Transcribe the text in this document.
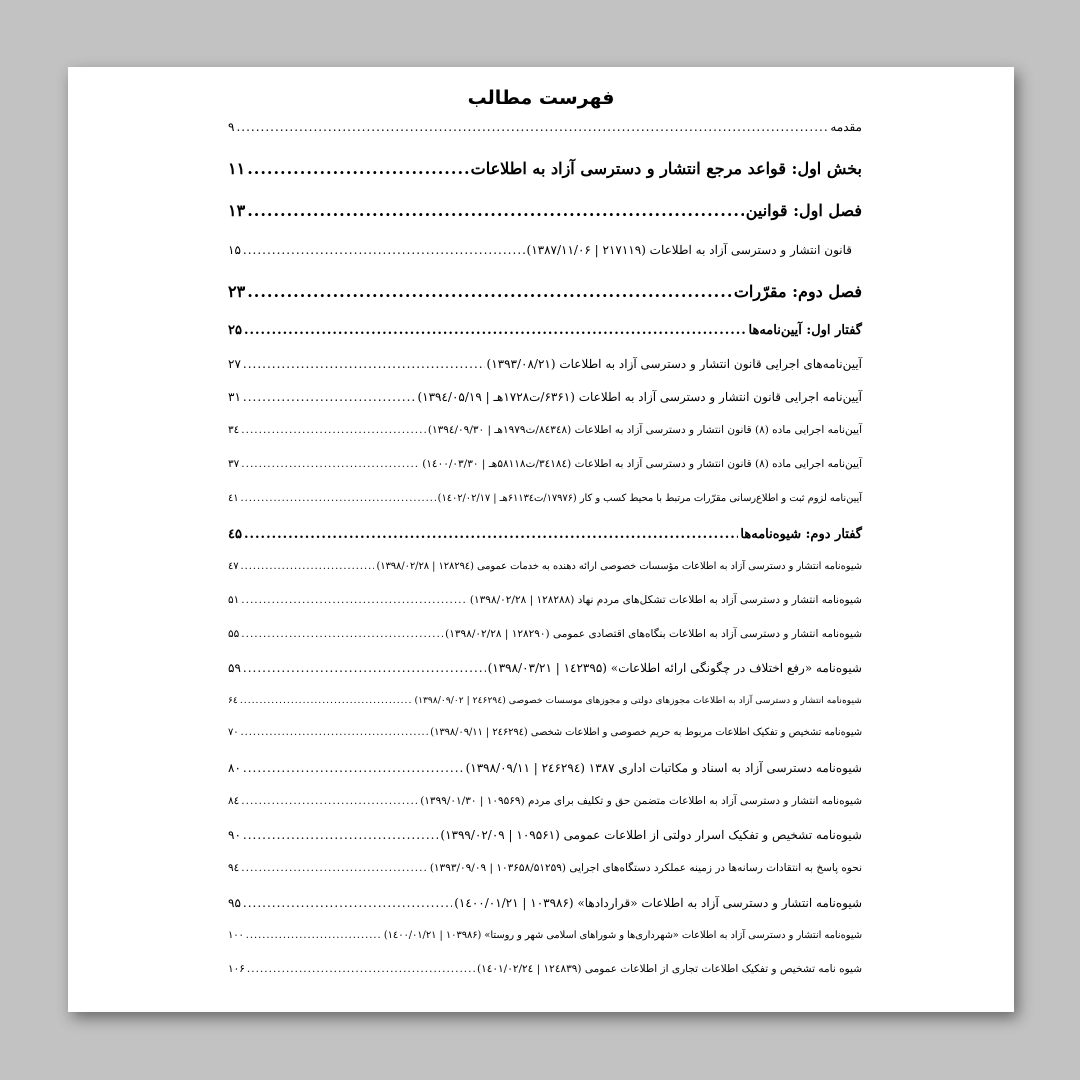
فهرست مطالب
مقدمه
.....
۹
بخش اول: قواعد مرجع انتشار و دسترسی آزاد به اطلاعات
.....
۱۱
فصل اول: قوانین
.....
۱۳
قانون انتشار و دسترسی آزاد به اطلاعات (۲۱۷۱۱۹ | ۱۳۸۷/۱۱/۰۶)
.....
۱۵
فصل دوم: مقرّرات
.....
۲۳
گفتار اول: آیین‌نامه‌ها
.....
۲۵
آیین‌نامه‌های اجرایی قانون انتشار و دسترسی آزاد به اطلاعات (۱۳۹۳/۰۸/۲۱)
.....
۲۷
آیین‌نامه اجرایی قانون انتشار و دسترسی آزاد به اطلاعات (۶۳۶۱/ت۱۷۲۸هـ | ۱۳۹٤/۰۵/۱۹)
.....
۳۱
آیین‌نامه اجرایی ماده (۸) قانون انتشار و دسترسی آزاد به اطلاعات (۸٤۳٤۸/ت۱۹۷۹هـ | ۱۳۹٤/۰۹/۳۰)
.....
۳٤
آیین‌نامه اجرایی ماده (۸) قانون انتشار و دسترسی آزاد به اطلاعات (۳٤۱۸٤/ت۵۸۱۱۸هـ | ۱٤۰۰/۰۳/۳۰)
.....
۳۷
آیین‌نامه لزوم ثبت و اطلاع‌رسانی مقرّرات مرتبط با محیط کسب و کار (۱۷۹۷۶/ت۶۱۱۳٤هـ | ۱٤۰۲/۰۲/۱۷)
.....
٤۱
گفتار دوم: شیوه‌نامه‌ها
.....
٤۵
شیوه‌نامه انتشار و دسترسی آزاد به اطلاعات مؤسسات خصوصی ارائه دهنده به خدمات عمومی (۱۲۸۲۹٤ | ۱۳۹۸/۰۲/۲۸)
.....
٤۷
شیوه‌نامه انتشار و دسترسی آزاد به اطلاعات تشکل‌های مردم نهاد (۱۲۸۲۸۸ | ۱۳۹۸/۰۲/۲۸)
.....
۵۱
شیوه‌نامه انتشار و دسترسی آزاد به اطلاعات بنگاه‌های اقتصادی عمومی (۱۲۸۲۹۰ | ۱۳۹۸/۰۲/۲۸)
.....
۵۵
شیوه‌نامه «رفع اختلاف در چگونگی ارائه اطلاعات» (۱٤۲۳۹۵ | ۱۳۹۸/۰۳/۲۱)
.....
۵۹
شیوه‌نامه انتشار و دسترسی آزاد به اطلاعات مجوزهای دولتی و مجوزهای موسسات خصوصی (۲٤۶۲۹٤ | ۱۳۹۸/۰۹/۰۲)
.....
۶٤
شیوه‌نامه تشخیص و تفکیک اطلاعات مربوط به حریم خصوصی و اطلاعات شخصی (۲٤۶۲۹٤ | ۱۳۹۸/۰۹/۱۱)
.....
۷۰
شیوه‌نامه دسترسی آزاد به اسناد و مکاتبات اداری ۱۳۸۷ (۲٤۶۲۹٤ | ۱۳۹۸/۰۹/۱۱)
.....
۸۰
شیوه‌نامه انتشار و دسترسی آزاد به اطلاعات متضمن حق و تکلیف برای مردم (۱۰۹۵۶۹ | ۱۳۹۹/۰۱/۳۰)
.....
۸٤
شیوه‌نامه تشخیص و تفکیک اسرار دولتی از اطلاعات عمومی (۱۰۹۵۶۱ | ۱۳۹۹/۰۲/۰۹)
.....
۹۰
نحوه پاسخ به انتقادات رسانه‌ها در زمینه عملکرد دستگاه‌های اجرایی (۱۰۳۶۵۸/۵۱۲۵۹ | ۱۳۹۳/۰۹/۰۹)
.....
۹٤
شیوه‌نامه انتشار و دسترسی آزاد به اطلاعات «قراردادها» (۱۰۳۹۸۶ | ۱٤۰۰/۰۱/۲۱)
.....
۹۵
شیوه‌نامه انتشار و دسترسی آزاد به اطلاعات «شهرداری‌ها و شوراهای اسلامی شهر و روستا» (۱۰۳۹۸۶ | ۱٤۰۰/۰۱/۲۱)
.....
۱۰۰
شیوه نامه تشخیص و تفکیک اطلاعات تجاری از اطلاعات عمومی (۱۲٤۸۳۹ | ۱٤۰۱/۰۲/۲٤)
.....
۱۰۶
